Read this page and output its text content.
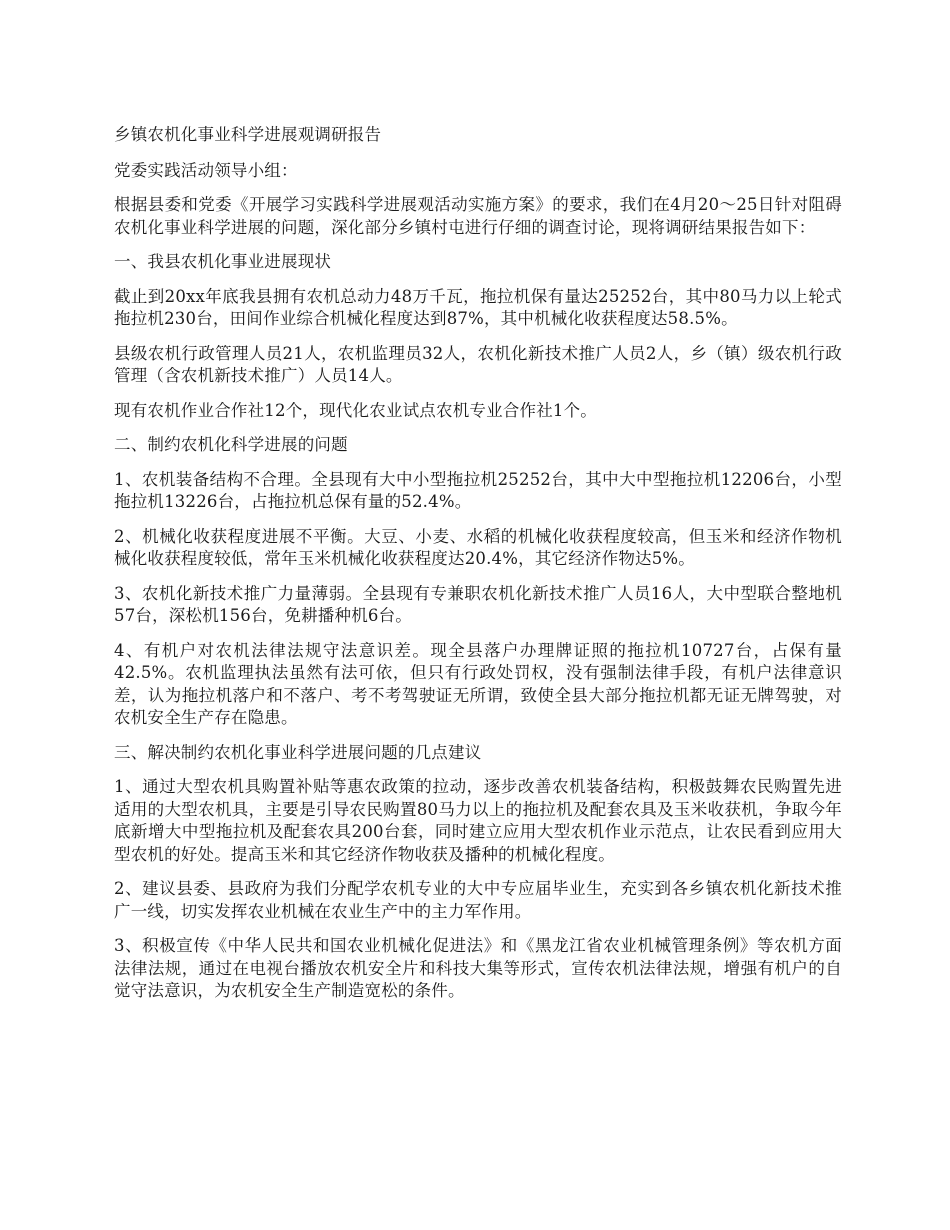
乡镇农机化事业科学进展观调研报告

党委实践活动领导小组：

根据县委和党委《开展学习实践科学进展观活动实施方案》的要求，我们在4月20～25日针对阻碍农机化事业科学进展的问题，深化部分乡镇村屯进行仔细的调查讨论，现将调研结果报告如下：

一、我县农机化事业进展现状

截止到20xx年底我县拥有农机总动力48万千瓦，拖拉机保有量达25252台，其中80马力以上轮式拖拉机230台，田间作业综合机械化程度达到87%，其中机械化收获程度达58.5%。

县级农机行政管理人员21人，农机监理员32人，农机化新技术推广人员2人，乡（镇）级农机行政管理（含农机新技术推广）人员14人。

现有农机作业合作社12个，现代化农业试点农机专业合作社1个。

二、制约农机化科学进展的问题

1、农机装备结构不合理。全县现有大中小型拖拉机25252台，其中大中型拖拉机12206台，小型拖拉机13226台，占拖拉机总保有量的52.4%。

2、机械化收获程度进展不平衡。大豆、小麦、水稻的机械化收获程度较高，但玉米和经济作物机械化收获程度较低，常年玉米机械化收获程度达20.4%，其它经济作物达5%。

3、农机化新技术推广力量薄弱。全县现有专兼职农机化新技术推广人员16人，大中型联合整地机57台，深松机156台，免耕播种机6台。

4、有机户对农机法律法规守法意识差。现全县落户办理牌证照的拖拉机10727台，占保有量42.5%。农机监理执法虽然有法可依，但只有行政处罚权，没有强制法律手段，有机户法律意识差，认为拖拉机落户和不落户、考不考驾驶证无所谓，致使全县大部分拖拉机都无证无牌驾驶，对农机安全生产存在隐患。

三、解决制约农机化事业科学进展问题的几点建议

1、通过大型农机具购置补贴等惠农政策的拉动，逐步改善农机装备结构，积极鼓舞农民购置先进适用的大型农机具，主要是引导农民购置80马力以上的拖拉机及配套农具及玉米收获机，争取今年底新增大中型拖拉机及配套农具200台套，同时建立应用大型农机作业示范点，让农民看到应用大型农机的好处。提高玉米和其它经济作物收获及播种的机械化程度。

2、建议县委、县政府为我们分配学农机专业的大中专应届毕业生，充实到各乡镇农机化新技术推广一线，切实发挥农业机械在农业生产中的主力军作用。

3、积极宣传《中华人民共和国农业机械化促进法》和《黑龙江省农业机械管理条例》等农机方面法律法规，通过在电视台播放农机安全片和科技大集等形式，宣传农机法律法规，增强有机户的自觉守法意识，为农机安全生产制造宽松的条件。
